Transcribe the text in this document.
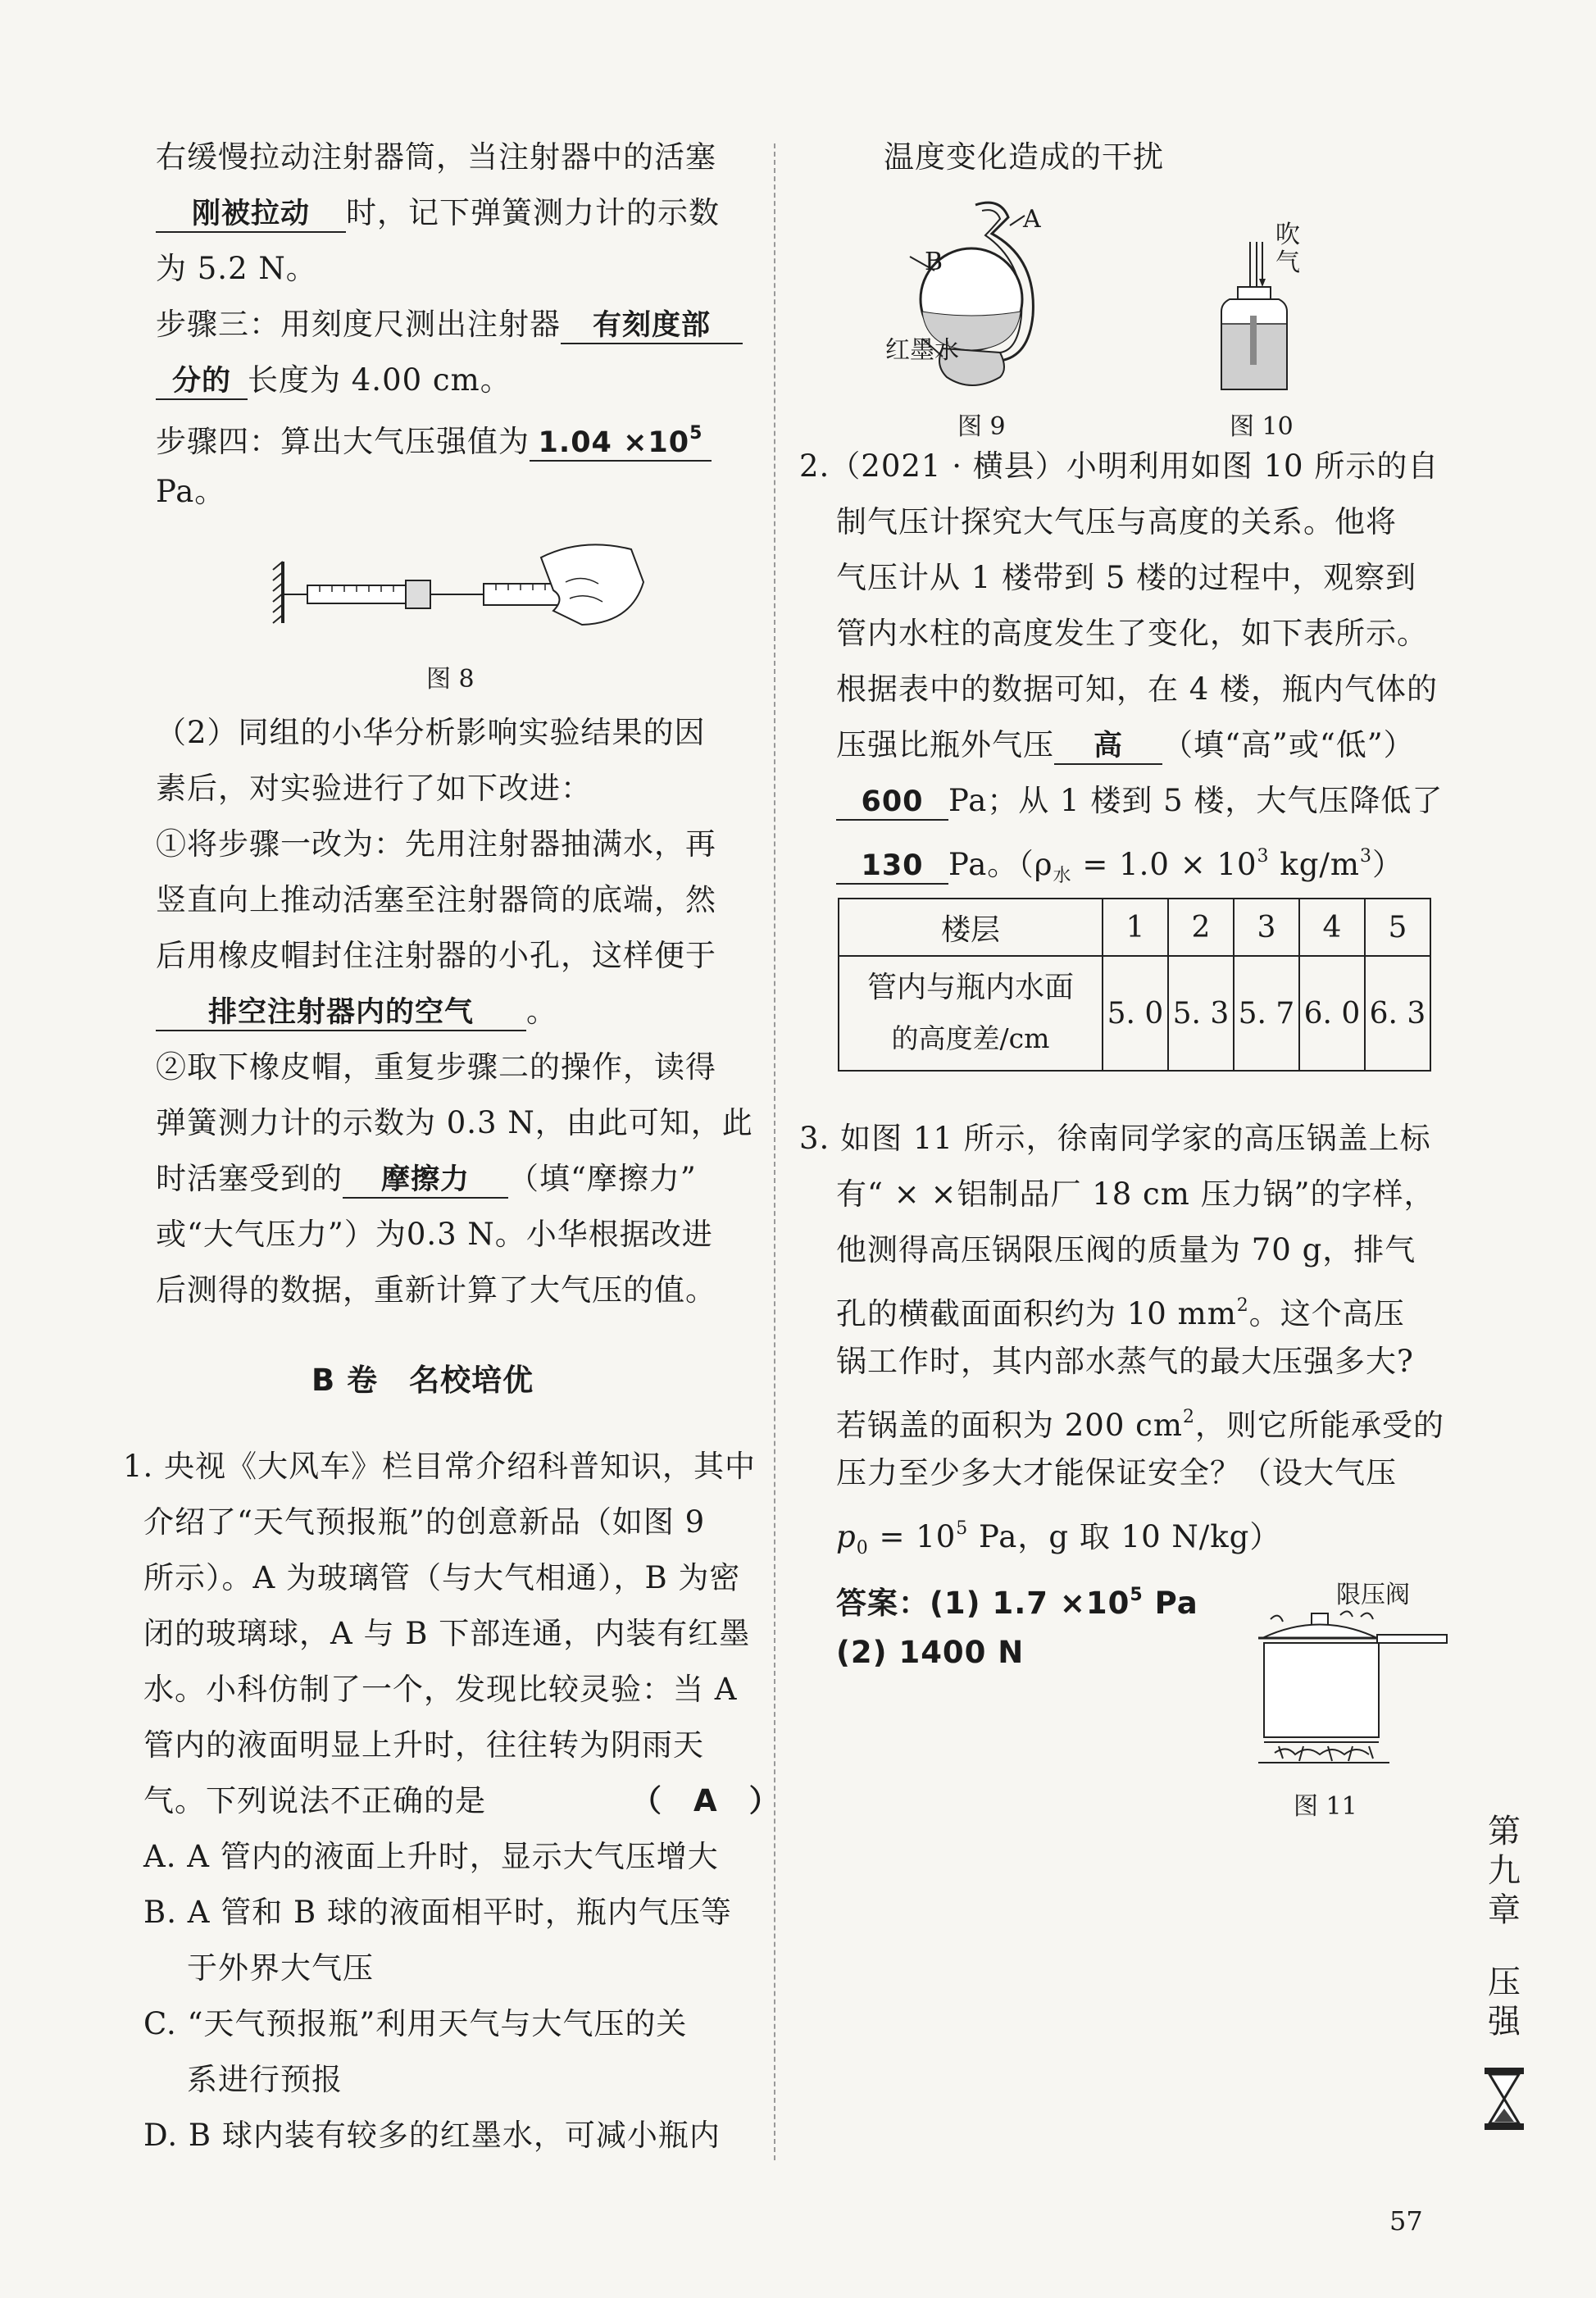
右缓慢拉动注射器筒，当注射器中的活塞
刚被拉动 时，记下弹簧测力计的示数
为 5.2 N。
步骤三：用刻度尺测出注射器 有刻度部
分的 长度为 4.00 cm。
步骤四：算出大气压强值为 $1.04 \times 10^5$
Pa。
图 8
（2）同组的小华分析影响实验结果的因
素后，对实验进行了如下改进：
①将步骤一改为：先用注射器抽满水，再
竖直向上推动活塞至注射器筒的底端，然
后用橡皮帽封住注射器的小孔，这样便于
排空注射器内的空气 。
②取下橡皮帽，重复步骤二的操作，读得
弹簧测力计的示数为 0.3 N，由此可知，此
时活塞受到的 摩擦力 （填“摩擦力”
或“大气压力”）为0.3 N。小华根据改进
后测得的数据，重新计算了大气压的值。
B 卷　名校培优
1. 央视《大风车》栏目常介绍科普知识，其中
介绍了“天气预报瓶”的创意新品（如图 9
所示）。A 为玻璃管（与大气相通），B 为密
闭的玻璃球，A 与 B 下部连通，内装有红墨
水。小科仿制了一个，发现比较灵验：当 A
管内的液面明显上升时，往往转为阴雨天
气。下列说法不正确的是	（　A　）
A. A 管内的液面上升时，显示大气压增大
B. A 管和 B 球的液面相平时，瓶内气压等
于外界大气压
C. “天气预报瓶”利用天气与大气压的关
系进行预报
D. B 球内装有较多的红墨水，可减小瓶内
温度变化造成的干扰
A
B
红墨水
图 9
吹气
图 10
2.（2021 · 横县）小明利用如图 10 所示的自
制气压计探究大气压与高度的关系。他将
气压计从 1 楼带到 5 楼的过程中，观察到
管内水柱的高度发生了变化，如下表所示。
根据表中的数据可知，在 4 楼，瓶内气体的
压强比瓶外气压 高 （填“高”或“低”）
600 Pa；从 1 楼到 5 楼，大气压降低了
130 Pa。（$\rho_水 = 1.0 \times 10^3$ $kg/m^3$）
楼层	1	2	3	4	5

管内与瓶内水面
的高度差/cm	5. 0	5. 3	5. 7	6. 0	6. 3
3. 如图 11 所示，徐南同学家的高压锅盖上标
有“ × ×铝制品厂 18 cm 压力锅”的字样，
他测得高压锅限压阀的质量为 70 g，排气
孔的横截面面积约为 10 $mm^2$。这个高压
锅工作时，其内部水蒸气的最大压强多大?
若锅盖的面积为 200 $cm^2$，则它所能承受的
压力至少多大才能保证安全？（设大气压
$p_0 = 10^5$ Pa，g 取 10 N/kg）
答案：(1) $1.7 \times 10^5$ Pa
(2) 1400 N
限压阀
图 11
第九章
压强
57
